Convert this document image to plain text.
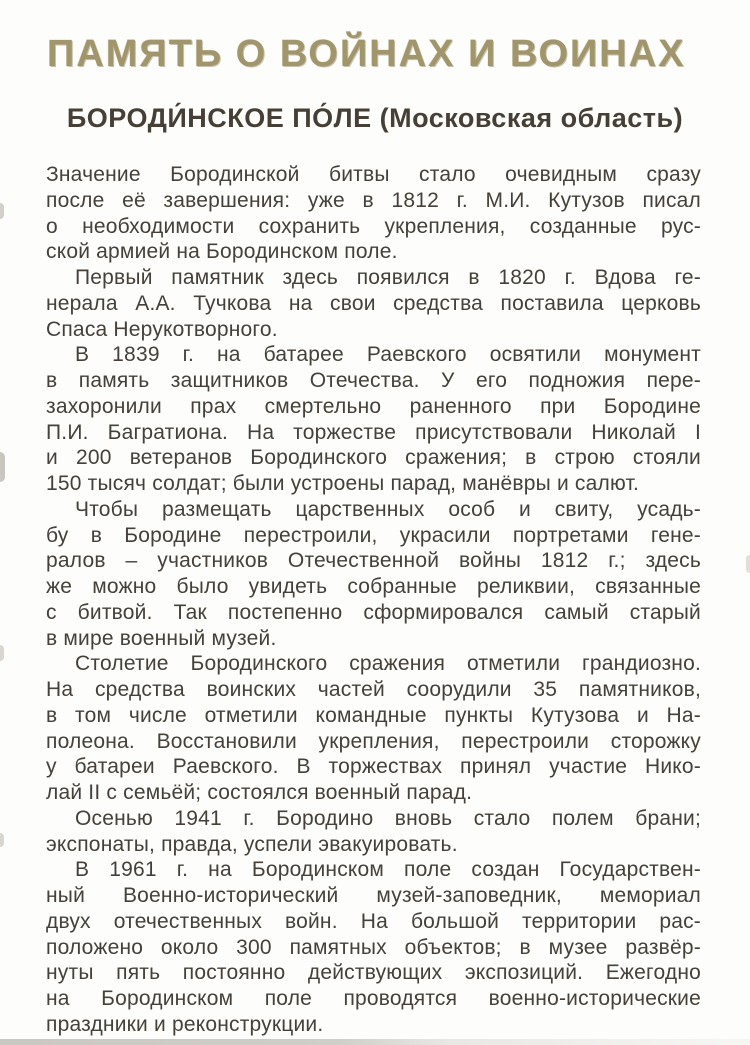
ПАМЯТЬ О ВОЙНАХ И ВОИНАХ
БОРОДИ́НСКОЕ ПО́ЛЕ (Московская область)
Значение Бородинской битвы стало очевидным сразу
после её завершения: уже в 1812 г. М.И. Кутузов писал
о необходимости сохранить укрепления, созданные рус-
ской армией на Бородинском поле.
Первый памятник здесь появился в 1820 г. Вдова ге-
нерала А.А. Тучкова на свои средства поставила церковь
Спаса Нерукотворного.
В 1839 г. на батарее Раевского освятили монумент
в память защитников Отечества. У его подножия пере-
захоронили прах смертельно раненного при Бородине
П.И. Багратиона. На торжестве присутствовали Николай I
и 200 ветеранов Бородинского сражения; в строю стояли
150 тысяч солдат; были устроены парад, манёвры и салют.
Чтобы размещать царственных особ и свиту, усадь-
бу в Бородине перестроили, украсили портретами гене-
ралов – участников Отечественной войны 1812 г.; здесь
же можно было увидеть собранные реликвии, связанные
с битвой. Так постепенно сформировался самый старый
в мире военный музей.
Столетие Бородинского сражения отметили грандиозно.
На средства воинских частей соорудили 35 памятников,
в том числе отметили командные пункты Кутузова и На-
полеона. Восстановили укрепления, перестроили сторожку
у батареи Раевского. В торжествах принял участие Нико-
лай II с семьёй; состоялся военный парад.
Осенью 1941 г. Бородино вновь стало полем брани;
экспонаты, правда, успели эвакуировать.
В 1961 г. на Бородинском поле создан Государствен-
ный Военно-исторический музей-заповедник, мемориал
двух отечественных войн. На большой территории рас-
положено около 300 памятных объектов; в музее развёр-
нуты пять постоянно действующих экспозиций. Ежегодно
на Бородинском поле проводятся военно-исторические
праздники и реконструкции.
